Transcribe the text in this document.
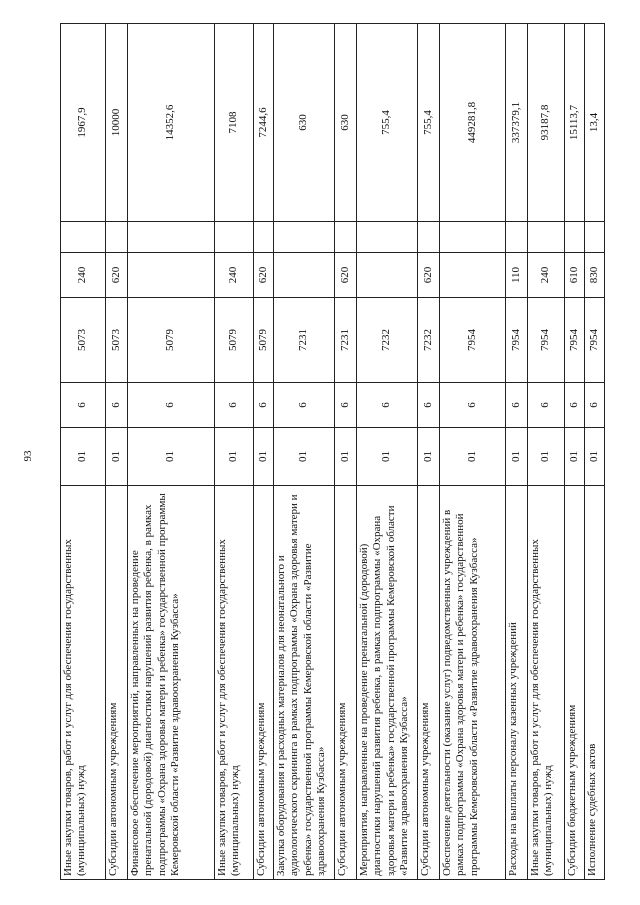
93
Иные закупки товаров, работ и услуг для обеспечения государственных (муниципальных) нужд	01	6	5073	240		1967,9
Субсидии автономным учреждениям	01	6	5073	620		10000
Финансовое обеспечение мероприятий, направленных на проведение пренатальной (дородовой) диагностики нарушений развития ребенка, в рамках подпрограммы «Охрана здоровья матери и ребенка» государственной программы Кемеровской области «Развитие здравоохранения Кузбасса»	01	6	5079			14352,6
Иные закупки товаров, работ и услуг для обеспечения государственных (муниципальных) нужд	01	6	5079	240		7108
Субсидии автономным учреждениям	01	6	5079	620		7244,6
Закупка оборудования и расходных материалов для неонатального и аудиологического скрининга в рамках подпрограммы «Охрана здоровья матери и ребенка» государственной программы Кемеровской области «Развитие здравоохранения Кузбасса»	01	6	7231			630
Субсидии автономным учреждениям	01	6	7231	620		630
Мероприятия, направленные на проведение пренатальной (дородовой) диагностики нарушений развития ребенка, в рамках подпрограммы «Охрана здоровья матери и ребенка» государственной программы Кемеровской области «Развитие здравоохранения Кузбасса»	01	6	7232			755,4
Субсидии автономным учреждениям	01	6	7232	620		755,4
Обеспечение деятельности (оказание услуг) подведомственных учреждений в рамках подпрограммы «Охрана здоровья матери и ребенка» государственной программы Кемеровской области «Развитие здравоохранения Кузбасса»	01	6	7954			449281,8
Расходы на выплаты персоналу казенных учреждений	01	6	7954	110		337379,1
Иные закупки товаров, работ и услуг для обеспечения государственных (муниципальных) нужд	01	6	7954	240		93187,8
Субсидии бюджетным учреждениям	01	6	7954	610		15113,7
Исполнение судебных актов	01	6	7954	830		13,4
